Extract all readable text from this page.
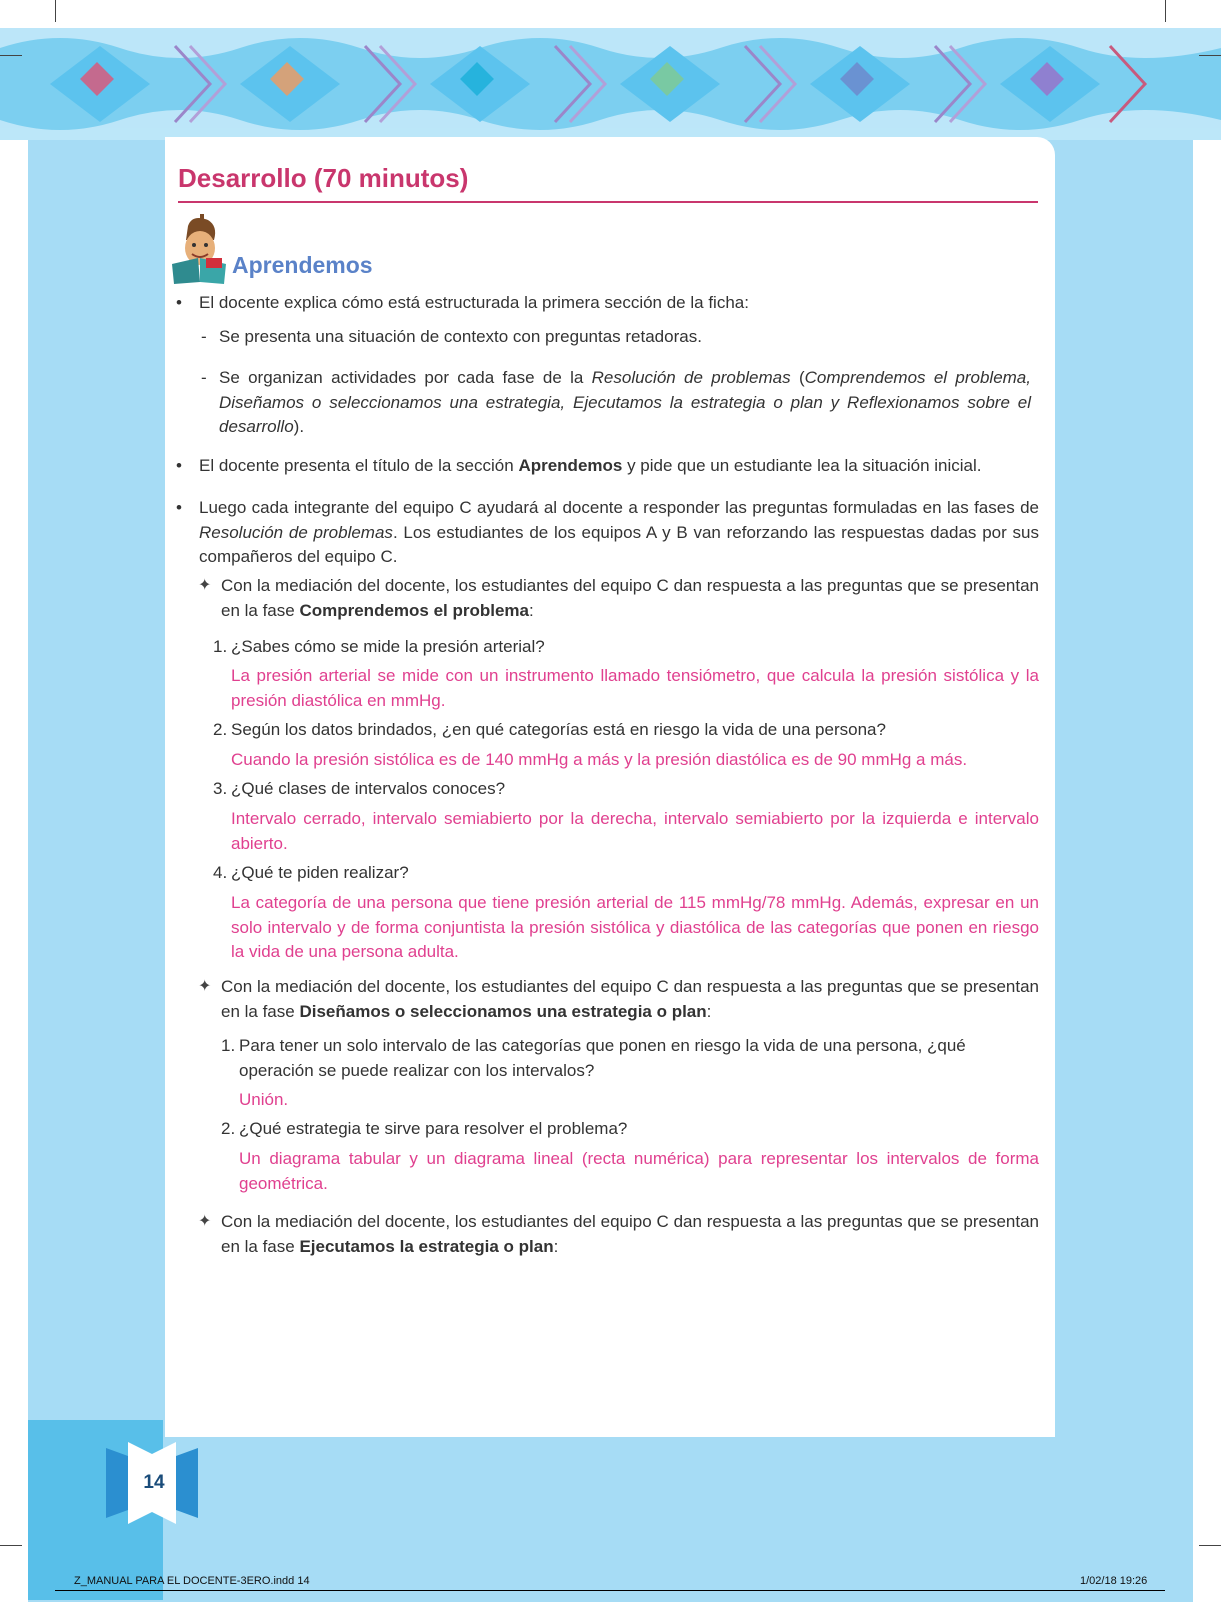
Desarrollo (70 minutos)
Aprendemos
• El docente explica cómo está estructurada la primera sección de la ficha:

- Se presenta una situación de contexto con preguntas retadoras.

- Se organizan actividades por cada fase de la Resolución de problemas (Comprendemos el problema, Diseñamos o seleccionamos una estrategia, Ejecutamos la estrategia o plan y Reflexionamos sobre el desarrollo).

• El docente presenta el título de la sección Aprendemos y pide que un estudiante lea la situación inicial.

• Luego cada integrante del equipo C ayudará al docente a responder las preguntas formuladas en las fases de Resolución de problemas. Los estudiantes de los equipos A y B van reforzando las respuestas dadas por sus compañeros del equipo C.

✦ Con la mediación del docente, los estudiantes del equipo C dan respuesta a las preguntas que se presentan en la fase Comprendemos el problema:

1. ¿Sabes cómo se mide la presión arterial?

La presión arterial se mide con un instrumento llamado tensiómetro, que calcula la presión sistólica y la presión diastólica en mmHg.

2. Según los datos brindados, ¿en qué categorías está en riesgo la vida de una persona?

Cuando la presión sistólica es de 140 mmHg a más y la presión diastólica es de 90 mmHg a más.

3. ¿Qué clases de intervalos conoces?

Intervalo cerrado, intervalo semiabierto por la derecha, intervalo semiabierto por la izquierda e intervalo abierto.

4. ¿Qué te piden realizar?

La categoría de una persona que tiene presión arterial de 115 mmHg/78 mmHg. Además, expresar en un solo intervalo y de forma conjuntista la presión sistólica y diastólica de las categorías que ponen en riesgo la vida de una persona adulta.

✦ Con la mediación del docente, los estudiantes del equipo C dan respuesta a las preguntas que se presentan en la fase Diseñamos o seleccionamos una estrategia o plan:

1. Para tener un solo intervalo de las categorías que ponen en riesgo la vida de una persona, ¿qué operación se puede realizar con los intervalos?

Unión.

2. ¿Qué estrategia te sirve para resolver el problema?

Un diagrama tabular y un diagrama lineal (recta numérica) para representar los intervalos de forma geométrica.

✦ Con la mediación del docente, los estudiantes del equipo C dan respuesta a las preguntas que se presentan en la fase Ejecutamos la estrategia o plan:

14
Z_MANUAL PARA EL DOCENTE-3ERO.indd 14	1/02/18 19:26
